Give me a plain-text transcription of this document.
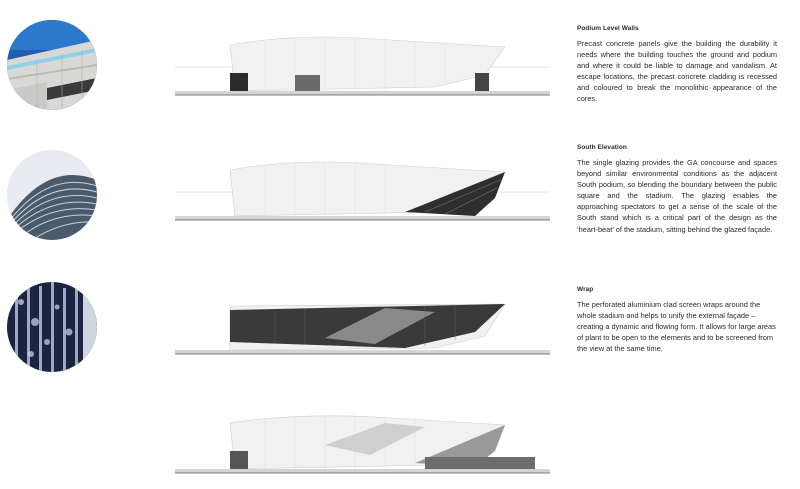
Podium Level Walls

Precast concrete panels give the building the durability it needs where the building touches the ground and podium and where it could be liable to damage and vandalism. At escape locations, the precast concrete cladding is recessed and coloured to break the monolithic appearance of the cores.

South Elevation

The single glazing provides the GA concourse and spaces beyond similar environmental conditions as the adjacent South podium, so blending the boundary between the public square and the stadium. The glazing enables the approaching spectators to get a sense of the scale of the South stand which is a critical part of the design as the ‘heart-beat’ of the stadium, sitting behind the glazed façade.

Wrap

The perforated aluminium clad screen wraps around the whole stadium and helps to unify the external façade – creating a dynamic and flowing form. It allows for large areas of plant to be open to the elements and to be screened from the view at the same time.
